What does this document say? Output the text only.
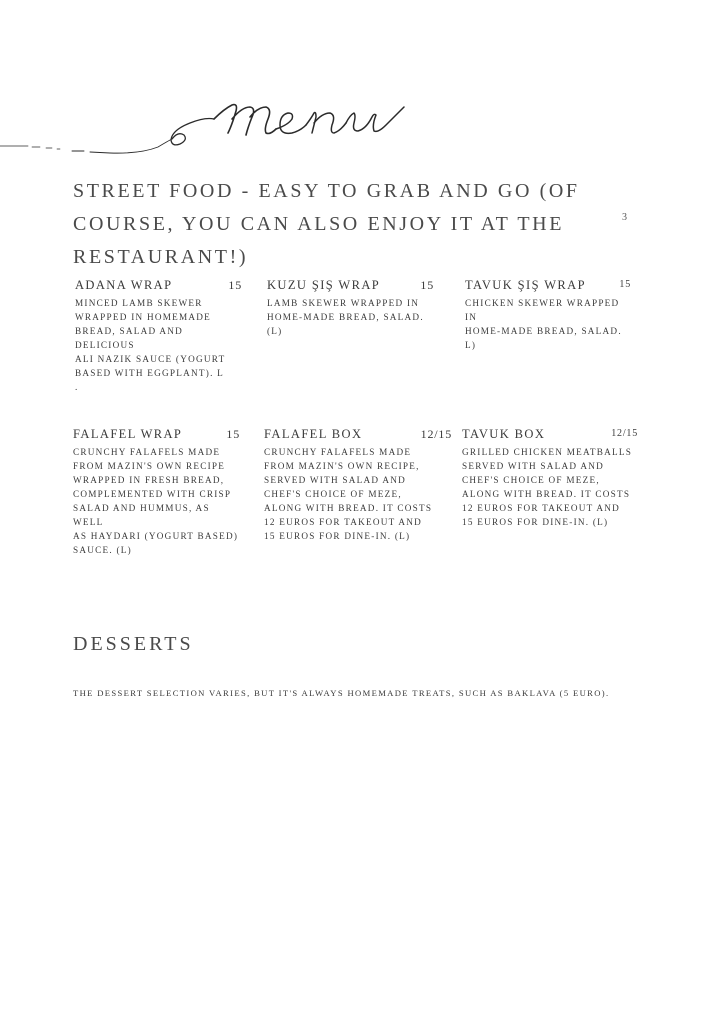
STREET FOOD - EASY TO GRAB AND GO (OF COURSE, YOU CAN ALSO ENJOY IT AT THE RESTAURANT!)
3
ADANA WRAP	15
MINCED LAMB SKEWER
WRAPPED IN HOMEMADE
BREAD, SALAD AND DELICIOUS
ALI NAZIK SAUCE (YOGURT
BASED WITH EGGPLANT). L
.
KUZU ŞIŞ WRAP	15
LAMB SKEWER WRAPPED IN
HOME-MADE BREAD, SALAD.
(L)
TAVUK ŞIŞ WRAP	15
CHICKEN SKEWER WRAPPED IN
HOME-MADE BREAD, SALAD. L)
FALAFEL WRAP	15
CRUNCHY FALAFELS MADE
FROM MAZIN'S OWN RECIPE
WRAPPED IN FRESH BREAD,
COMPLEMENTED WITH CRISP
SALAD AND HUMMUS, AS WELL
AS HAYDARI (YOGURT BASED)
SAUCE. (L)
FALAFEL BOX	12/15
CRUNCHY FALAFELS MADE
FROM MAZIN'S OWN RECIPE,
SERVED WITH SALAD AND
CHEF'S CHOICE OF MEZE,
ALONG WITH BREAD. IT COSTS
12 EUROS FOR TAKEOUT AND
15 EUROS FOR DINE-IN. (L)
TAVUK BOX	12/15
GRILLED CHICKEN MEATBALLS
SERVED WITH SALAD AND
CHEF'S CHOICE OF MEZE,
ALONG WITH BREAD. IT COSTS
12 EUROS FOR TAKEOUT AND
15 EUROS FOR DINE-IN. (L)
DESSERTS
THE DESSERT SELECTION VARIES, BUT IT'S ALWAYS HOMEMADE TREATS, SUCH AS BAKLAVA (5 EURO).
